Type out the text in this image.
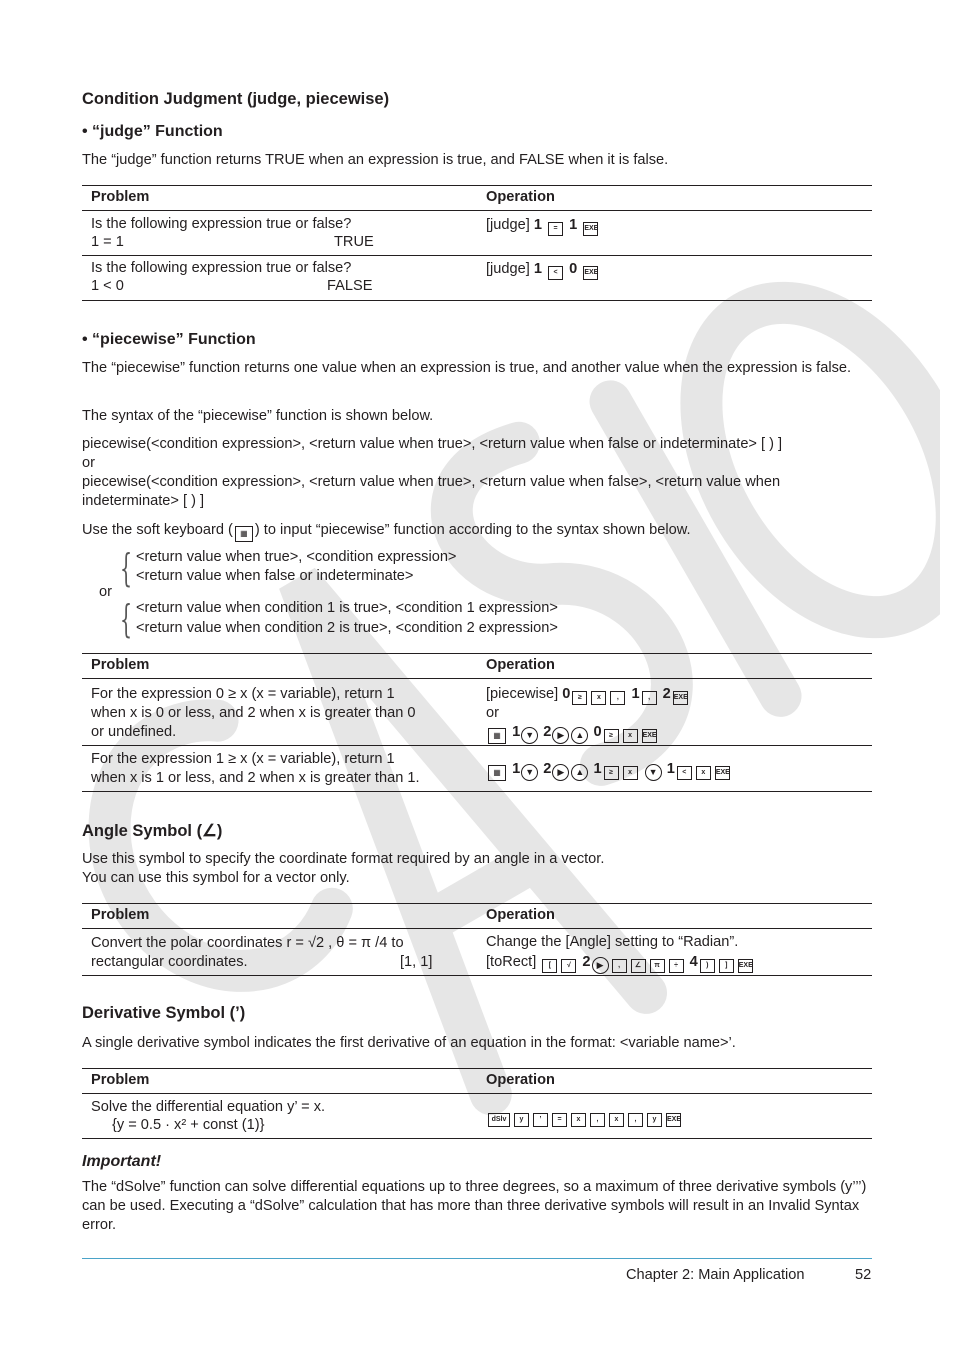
Condition Judgment (judge, piecewise)
• “judge” Function

The “judge” function returns TRUE when an expression is true, and FALSE when it is false.

Problem	Operation
Is the following expression true or false?
1 = 1	TRUE
[judge] 1 = 1 EXE
Is the following expression true or false?
1 < 0	FALSE
[judge] 1 < 0 EXE
• “piecewise” Function

The “piecewise” function returns one value when an expression is true, and another value when the expression is false.

The syntax of the “piecewise” function is shown below.

piecewise(<condition expression>, <return value when true>, <return value when false or indeterminate> [ ) ]

or

piecewise(<condition expression>, <return value when true>, <return value when false>, <return value when indeterminate> [ ) ]

Use the soft keyboard ( ▦ ) to input “piecewise” function according to the syntax shown below.

{ <return value when true>, <condition expression>
<return value when false or indeterminate>
or
{ <return value when condition 1 is true>, <condition 1 expression>
<return value when condition 2 is true>, <condition 2 expression>
Problem	Operation
For the expression 0 ≥ x (x = variable), return 1
when x is 0 or less, and 2 when x is greater than 0
or undefined.
[piecewise] 0 ≥ x , 1 , 2 EXE
or
▦ 1 ▼ 2 ▶ ▲ 0 ≥ x EXE
For the expression 1 ≥ x (x = variable), return 1
when x is 1 or less, and 2 when x is greater than 1.	▦ 1 ▼ 2 ▶ ▲ 1 ≥ x ▼ 1 < x EXE
Angle Symbol (∠)

Use this symbol to specify the coordinate format required by an angle in a vector.

You can use this symbol for a vector only.

Problem	Operation
Convert the polar coordinates r = √2 , θ = π /4 to
rectangular coordinates.	[1, 1]
Change the [Angle] setting to “Radian”.
[toRect] [ √ 2 ▶ , ∠ π ÷ 4 ) ] EXE
Derivative Symbol (’)

A single derivative symbol indicates the first derivative of an equation in the format: <variable name>’.

Problem	Operation
Solve the differential equation y’ = x.
{y = 0.5 · x² + const (1)}	dSlv y ’ = x , x , y EXE
Important!

The “dSolve” function can solve differential equations up to three degrees, so a maximum of three derivative symbols (y’’’) can be used. Executing a “dSolve” calculation that has more than three derivative symbols will result in an Invalid Syntax error.

Chapter 2: Main Application	52
